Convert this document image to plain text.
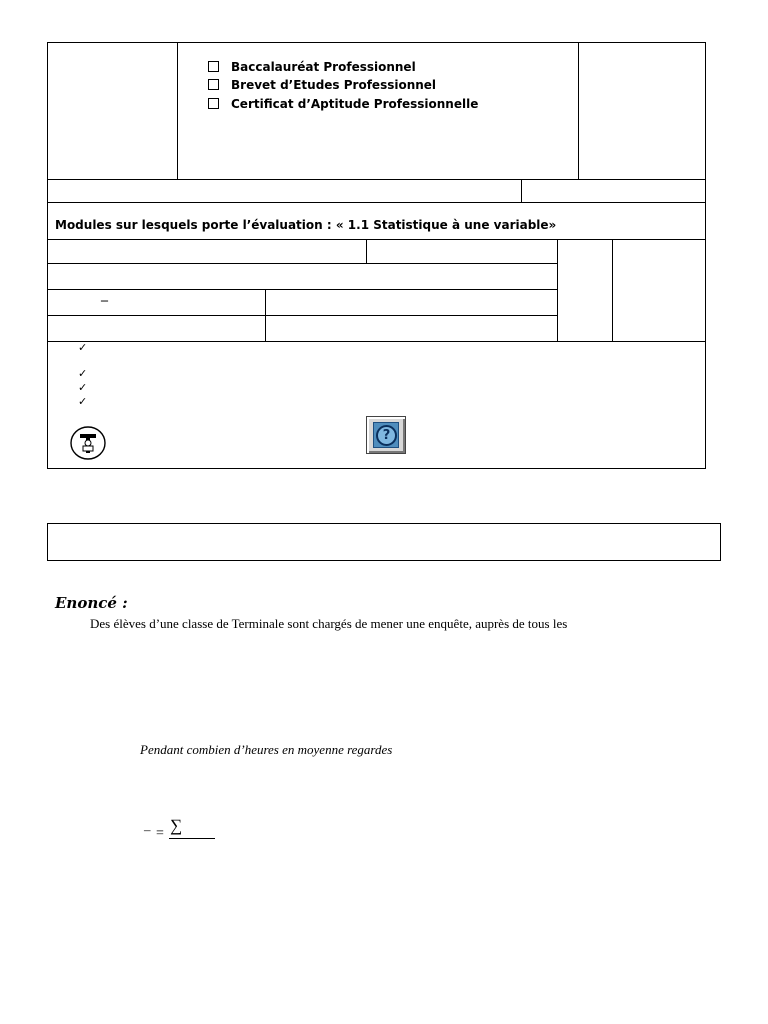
Baccalauréat Professionnel
Brevet d’Etudes Professionnel
Certificat d’Aptitude Professionnelle
Modules sur lesquels porte l’évaluation : « 1.1 Statistique à une variable»
–
✓
✓
✓
✓
?
Enoncé :
Des élèves d’une classe de Terminale sont chargés de mener une enquête, auprès de tous les
Pendant combien d’heures en moyenne regardes
– = ∑
